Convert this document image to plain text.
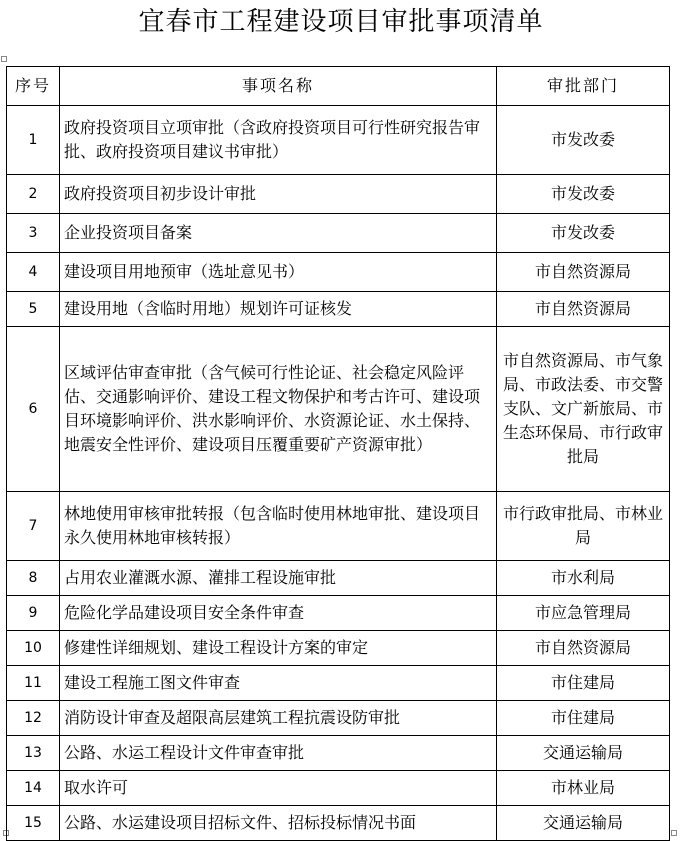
宜春市工程建设项目审批事项清单
序号	事项名称	审批部门
1	政府投资项目立项审批（含政府投资项目可行性研究报告审批、政府投资项目建议书审批）	市发改委
2	政府投资项目初步设计审批	市发改委
3	企业投资项目备案	市发改委
4	建设项目用地预审（选址意见书）	市自然资源局
5	建设用地（含临时用地）规划许可证核发	市自然资源局
6	区域评估审查审批（含气候可行性论证、社会稳定风险评估、交通影响评价、建设工程文物保护和考古许可、建设项目环境影响评价、洪水影响评价、水资源论证、水土保持、地震安全性评价、建设项目压覆重要矿产资源审批）	市自然资源局、市气象局、市政法委、市交警支队、文广新旅局、市生态环保局、市行政审批局
7	林地使用审核审批转报（包含临时使用林地审批、建设项目永久使用林地审核转报）	市行政审批局、市林业局
8	占用农业灌溉水源、灌排工程设施审批	市水利局
9	危险化学品建设项目安全条件审查	市应急管理局
10	修建性详细规划、建设工程设计方案的审定	市自然资源局
11	建设工程施工图文件审查	市住建局
12	消防设计审查及超限高层建筑工程抗震设防审批	市住建局
13	公路、水运工程设计文件审查审批	交通运输局
14	取水许可	市林业局
15	公路、水运建设项目招标文件、招标投标情况书面	交通运输局
